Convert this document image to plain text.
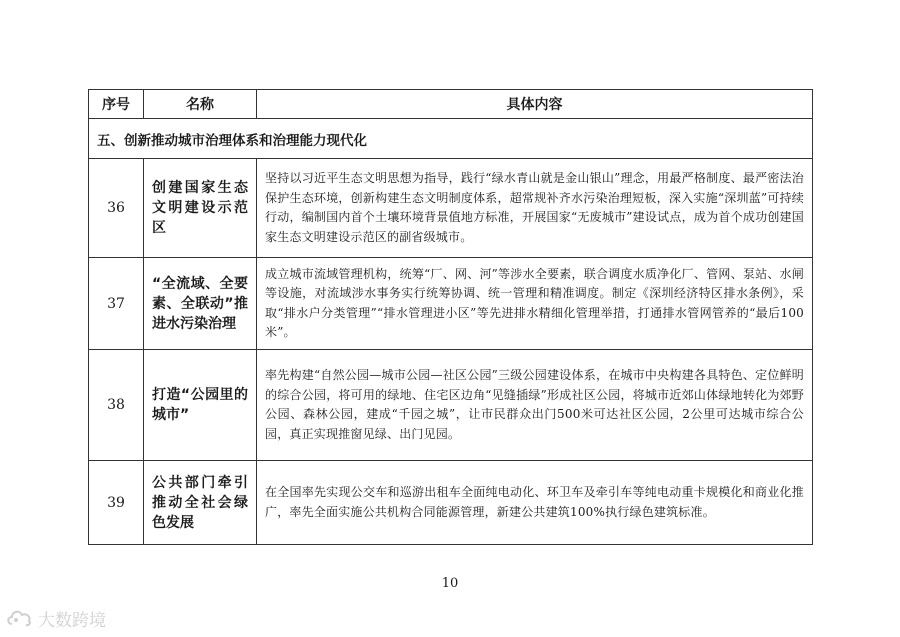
序号	名称	具体内容
五、创新推动城市治理体系和治理能力现代化		
36	创建国家生态文明建设示范区	坚持以习近平生态文明思想为指导，践行“绿水青山就是金山银山”理念，用最严格制度、最严密法治保护生态环境，创新构建生态文明制度体系，超常规补齐水污染治理短板，深入实施“深圳蓝”可持续行动，编制国内首个土壤环境背景值地方标准，开展国家“无废城市”建设试点，成为首个成功创建国家生态文明建设示范区的副省级城市。
37	“全流域、全要素、全联动”推进水污染治理	成立城市流域管理机构，统筹“厂、网、河”等涉水全要素，联合调度水质净化厂、管网、泵站、水闸等设施，对流域涉水事务实行统筹协调、统一管理和精准调度。制定《深圳经济特区排水条例》，采取“排水户分类管理”“排水管理进小区”等先进排水精细化管理举措，打通排水管网管养的“最后100米”。
38	打造“公园里的城市”	率先构建“自然公园—城市公园—社区公园”三级公园建设体系，在城市中央构建各具特色、定位鲜明的综合公园，将可用的绿地、住宅区边角“见缝插绿”形成社区公园，将城市近郊山体绿地转化为郊野公园、森林公园，建成“千园之城”，让市民群众出门500米可达社区公园，2公里可达城市综合公园，真正实现推窗见绿、出门见园。
39	公共部门牵引推动全社会绿色发展	在全国率先实现公交车和巡游出租车全面纯电动化、环卫车及牵引车等纯电动重卡规模化和商业化推广，率先全面实施公共机构合同能源管理，新建公共建筑100%执行绿色建筑标准。
10
大数跨境
